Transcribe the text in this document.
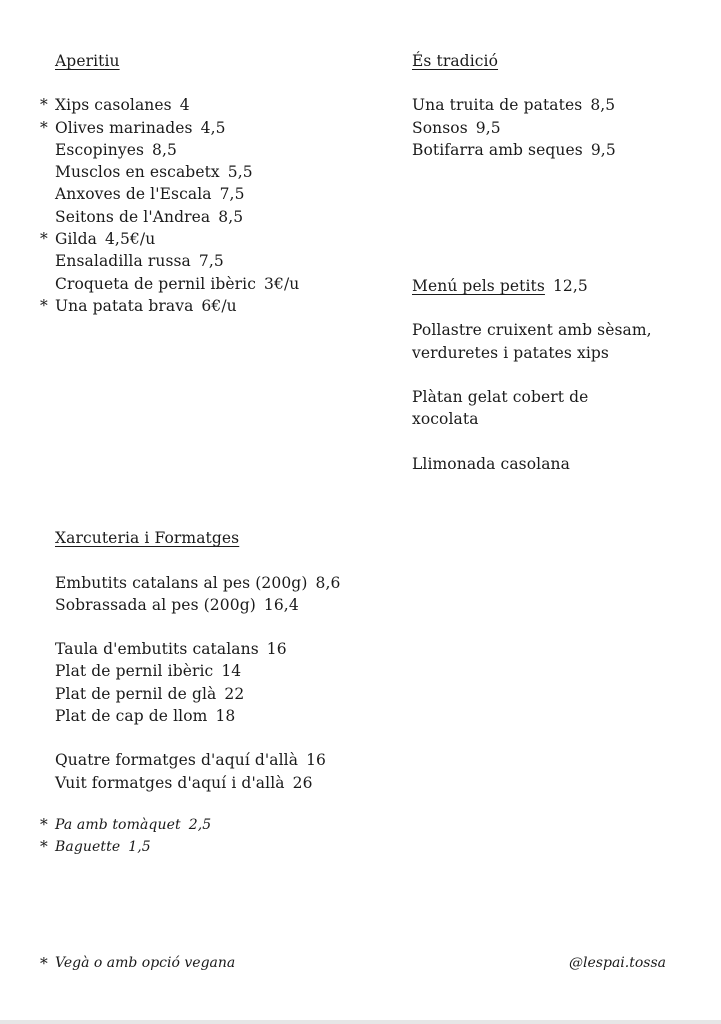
Aperitiu
* Xips casolanes 4
* Olives marinades 4,5
Escopinyes 8,5
Musclos en escabetx 5,5
Anxoves de l'Escala 7,5
Seitons de l'Andrea 8,5
* Gilda 4,5€/u
Ensaladilla russa 7,5
Croqueta de pernil ibèric 3€/u
* Una patata brava 6€/u
Xarcuteria i Formatges
Embutits catalans al pes (200g) 8,6
Sobrassada al pes (200g) 16,4
Taula d'embutits catalans 16
Plat de pernil ibèric 14
Plat de pernil de glà 22
Plat de cap de llom 18
Quatre formatges d'aquí d'allà 16
Vuit formatges d'aquí i d'allà 26
* Pa amb tomàquet 2,5
* Baguette 1,5
És tradició
Una truita de patates 8,5
Sonsos 9,5
Botifarra amb seques 9,5
Menú pels petits 12,5
Pollastre cruixent amb sèsam,
verduretes i patates xips
Plàtan gelat cobert de
xocolata
Llimonada casolana
* Vegà o amb opció vegana	@lespai.tossa
